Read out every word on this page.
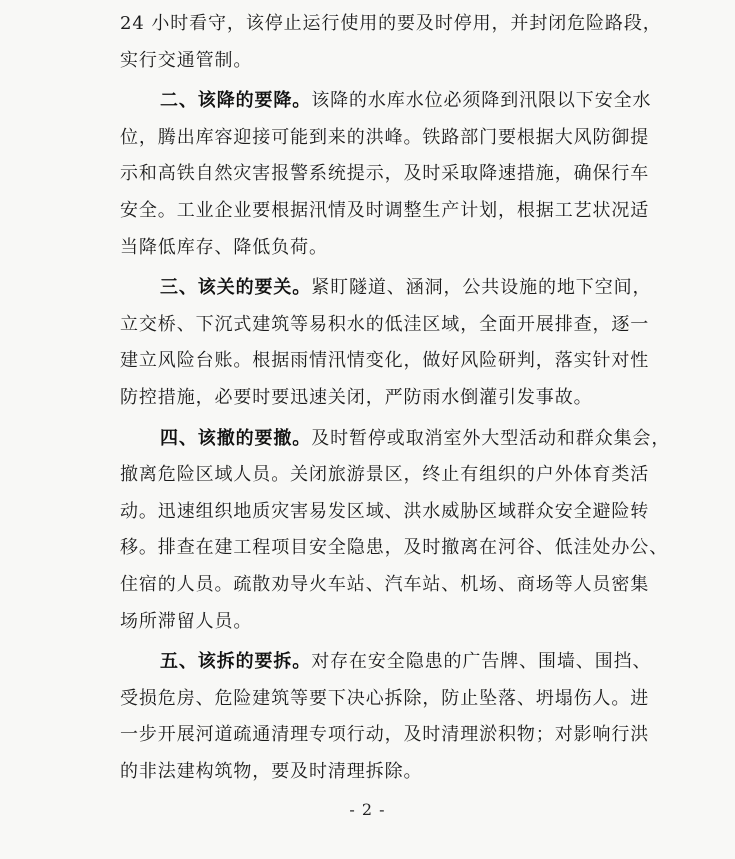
24 小时看守，该停止运行使用的要及时停用，并封闭危险路段，
实行交通管制。
二、该降的要降。该降的水库水位必须降到汛限以下安全水
位，腾出库容迎接可能到来的洪峰。铁路部门要根据大风防御提
示和高铁自然灾害报警系统提示，及时采取降速措施，确保行车
安全。工业企业要根据汛情及时调整生产计划，根据工艺状况适
当降低库存、降低负荷。
三、该关的要关。紧盯隧道、涵洞，公共设施的地下空间，
立交桥、下沉式建筑等易积水的低洼区域，全面开展排查，逐一
建立风险台账。根据雨情汛情变化，做好风险研判，落实针对性
防控措施，必要时要迅速关闭，严防雨水倒灌引发事故。
四、该撤的要撤。及时暂停或取消室外大型活动和群众集会，
撤离危险区域人员。关闭旅游景区，终止有组织的户外体育类活
动。迅速组织地质灾害易发区域、洪水威胁区域群众安全避险转
移。排查在建工程项目安全隐患，及时撤离在河谷、低洼处办公、
住宿的人员。疏散劝导火车站、汽车站、机场、商场等人员密集
场所滞留人员。
五、该拆的要拆。对存在安全隐患的广告牌、围墙、围挡、
受损危房、危险建筑等要下决心拆除，防止坠落、坍塌伤人。进
一步开展河道疏通清理专项行动，及时清理淤积物；对影响行洪
的非法建构筑物，要及时清理拆除。
- 2 -
